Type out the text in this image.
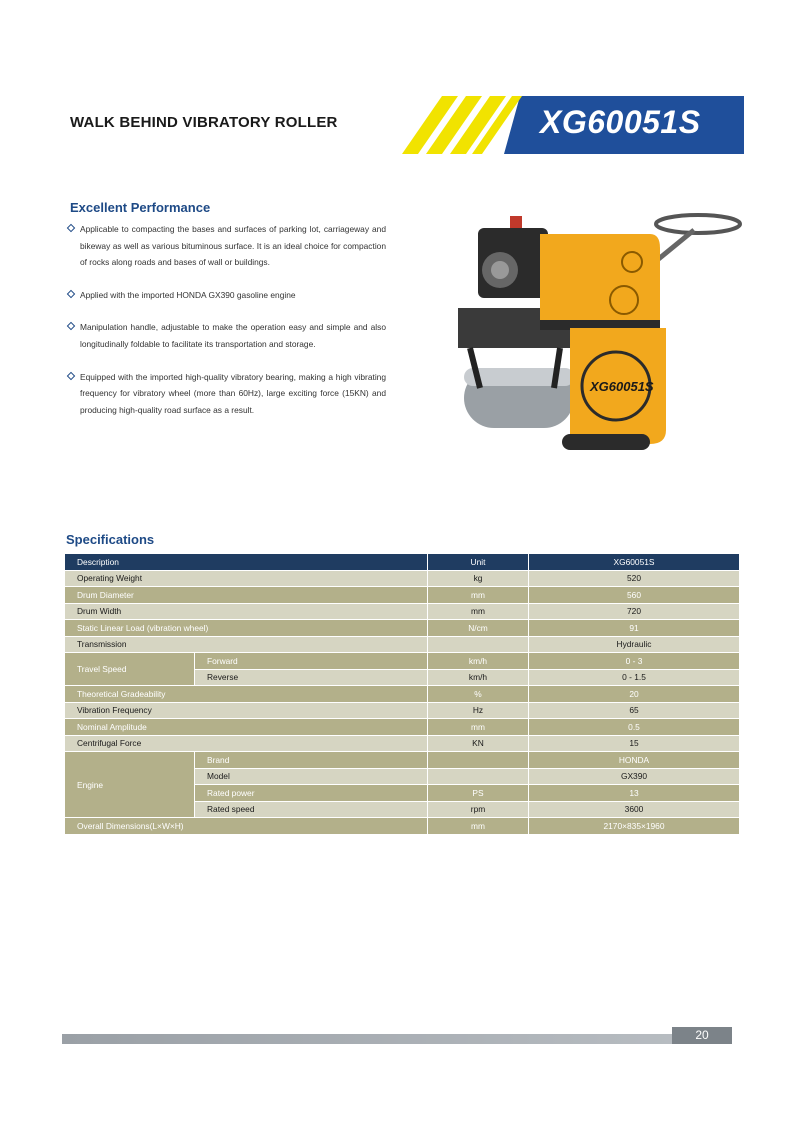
WALK BEHIND VIBRATORY ROLLER	XG60051S
Excellent Performance
Applicable to compacting the bases and surfaces of parking lot, carriageway and bikeway as well as various bituminous surface. It is an ideal choice for compaction of rocks along roads and bases of wall or buildings.
Applied with the imported HONDA GX390 gasoline engine
Manipulation handle, adjustable to make the operation easy and simple and also longitudinally foldable to facilitate its transportation and storage.
Equipped with the imported high-quality vibratory bearing, making a high vibrating frequency for vibratory wheel (more than 60Hz), large exciting force (15KN) and producing high-quality road surface as a result.
XG60051S
Specifications
Description		Unit	XG60051S
Operating Weight		kg	520
Drum Diameter		mm	560
Drum Width		mm	720
Static Linear Load (vibration wheel)		N/cm	91
Transmission			Hydraulic
Travel Speed	Forward	km/h	0 - 3
	Reverse	km/h	0 - 1.5
Theoretical Gradeability		%	20
Vibration Frequency		Hz	65
Nominal Amplitude		mm	0.5
Centrifugal Force		KN	15
Engine	Brand		HONDA
	Model		GX390
	Rated power	PS	13
	Rated speed	rpm	3600
Overall Dimensions(L×W×H)		mm	2170×835×1960
20
